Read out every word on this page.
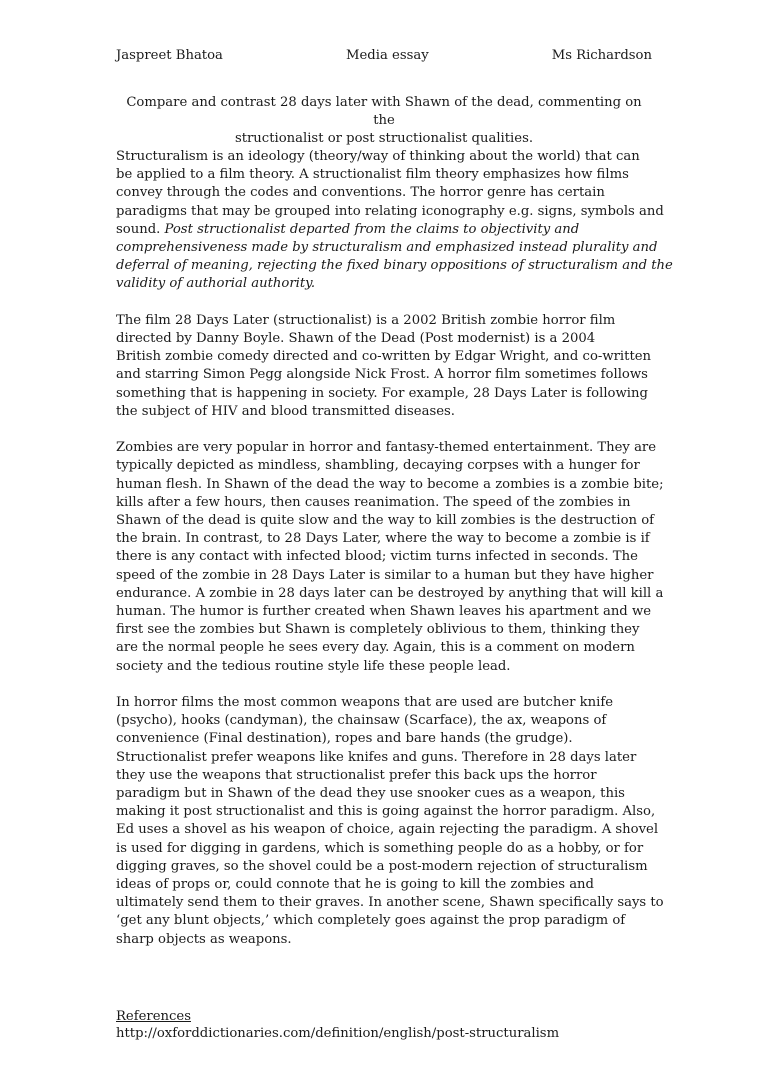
Jaspreet Bhatoa	Media essay	Ms Richardson
Compare and contrast 28 days later with Shawn of the dead, commenting on the
structionalist or post structionalist qualities.

Structuralism is an ideology (theory/way of thinking about the world) that can
be applied to a film theory. A structionalist film theory emphasizes how films
convey through the codes and conventions. The horror genre has certain
paradigms that may be grouped into relating iconography e.g. signs, symbols and
sound. Post structionalist departed from the claims to objectivity and
comprehensiveness made by structuralism and emphasized instead plurality and
deferral of meaning, rejecting the fixed binary oppositions of structuralism and the
validity of authorial authority.

The film 28 Days Later (structionalist) is a 2002 British zombie horror film
directed by Danny Boyle. Shawn of the Dead (Post modernist) is a 2004
British zombie comedy directed and co-written by Edgar Wright, and co-written
and starring Simon Pegg alongside Nick Frost. A horror film sometimes follows
something that is happening in society. For example, 28 Days Later is following
the subject of HIV and blood transmitted diseases.

Zombies are very popular in horror and fantasy-themed entertainment. They are
typically depicted as mindless, shambling, decaying corpses with a hunger for
human flesh. In Shawn of the dead the way to become a zombies is a zombie bite;
kills after a few hours, then causes reanimation. The speed of the zombies in
Shawn of the dead is quite slow and the way to kill zombies is the destruction of
the brain. In contrast, to 28 Days Later, where the way to become a zombie is if
there is any contact with infected blood; victim turns infected in seconds. The
speed of the zombie in 28 Days Later is similar to a human but they have higher
endurance. A zombie in 28 days later can be destroyed by anything that will kill a
human. The humor is further created when Shawn leaves his apartment and we
first see the zombies but Shawn is completely oblivious to them, thinking they
are the normal people he sees every day. Again, this is a comment on modern
society and the tedious routine style life these people lead.

In horror films the most common weapons that are used are butcher knife
(psycho), hooks (candyman), the chainsaw (Scarface), the ax, weapons of
convenience (Final destination), ropes and bare hands (the grudge).
Structionalist prefer weapons like knifes and guns. Therefore in 28 days later
they use the weapons that structionalist prefer this back ups the horror
paradigm but in Shawn of the dead they use snooker cues as a weapon, this
making it post structionalist and this is going against the horror paradigm. Also,
Ed uses a shovel as his weapon of choice, again rejecting the paradigm. A shovel
is used for digging in gardens, which is something people do as a hobby, or for
digging graves, so the shovel could be a post-modern rejection of structuralism
ideas of props or, could connote that he is going to kill the zombies and
ultimately send them to their graves. In another scene, Shawn specifically says to
‘get any blunt objects,’ which completely goes against the prop paradigm of
sharp objects as weapons.

References
http://oxforddictionaries.com/definition/english/post-structuralism
